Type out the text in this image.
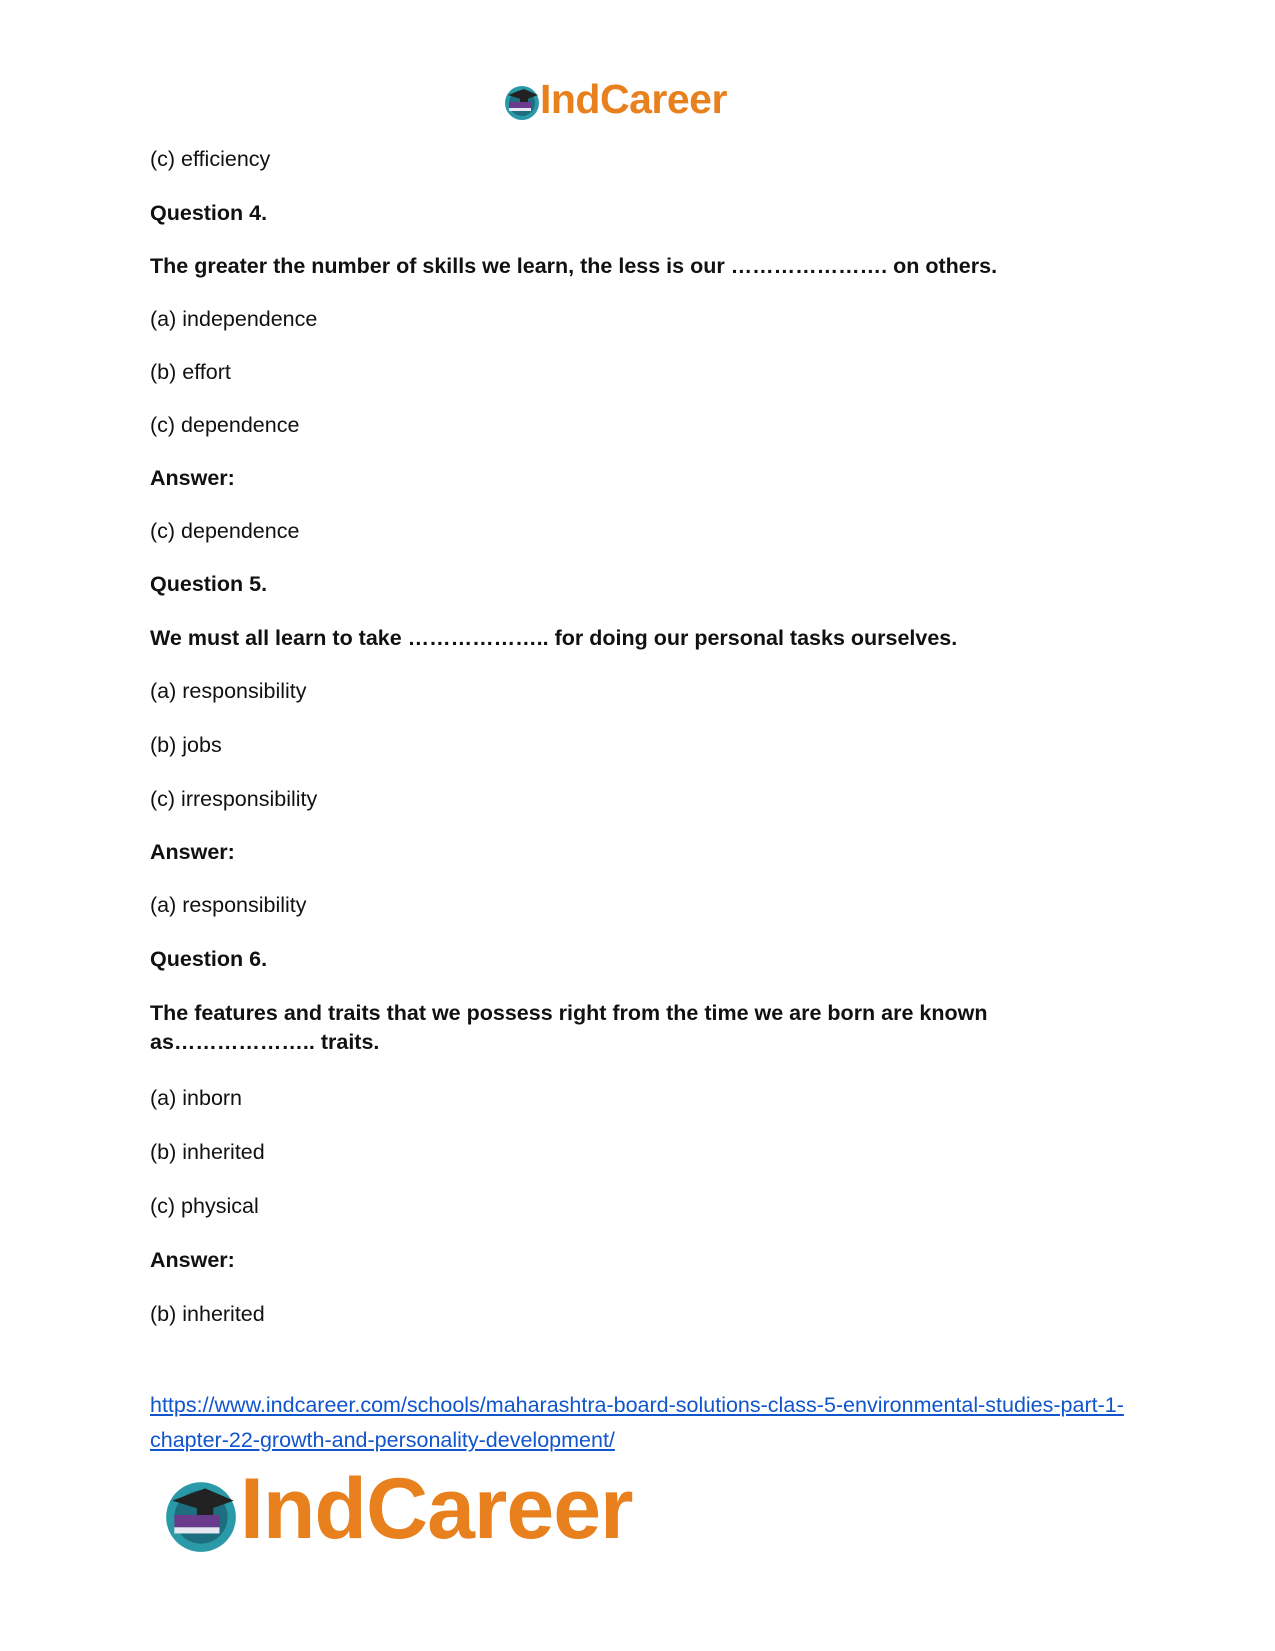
IndCareer
(c) efficiency
Question 4.
The greater the number of skills we learn, the less is our …………………. on others.
(a) independence
(b) effort
(c) dependence
Answer:
(c) dependence
Question 5.
We must all learn to take ……………….. for doing our personal tasks ourselves.
(a) responsibility
(b) jobs
(c) irresponsibility
Answer:
(a) responsibility
Question 6.
The features and traits that we possess right from the time we are born are known as……………….. traits.
(a) inborn
(b) inherited
(c) physical
Answer:
(b) inherited
https://www.indcareer.com/schools/maharashtra-board-solutions-class-5-environmental-studies-part-1-chapter-22-growth-and-personality-development/
IndCareer
